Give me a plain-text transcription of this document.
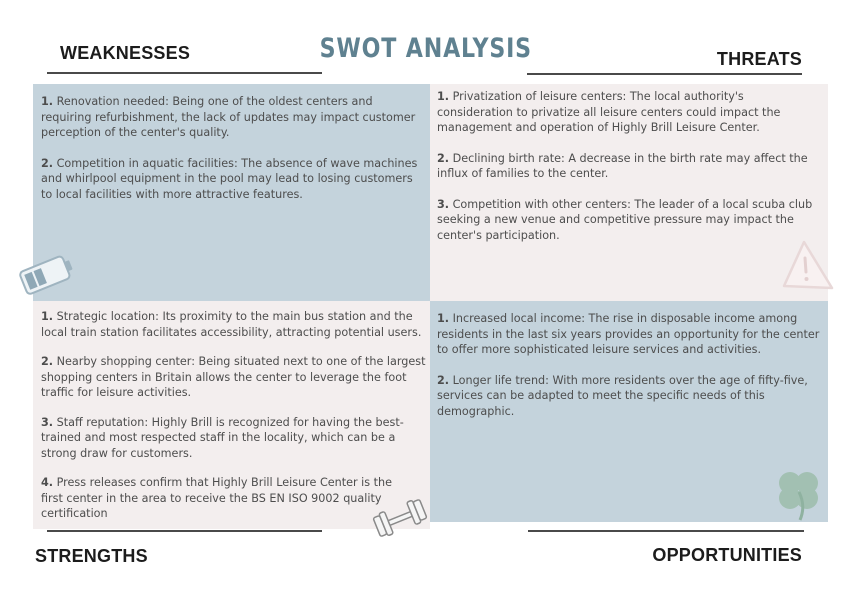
SWOT ANALYSIS
WEAKNESSES	THREATS
STRENGTHS	OPPORTUNITIES

1. Renovation needed: Being one of the oldest centers and requiring refurbishment, the lack of updates may impact customer perception of the center's quality.

2. Competition in aquatic facilities: The absence of wave machines and whirlpool equipment in the pool may lead to losing customers to local facilities with more attractive features.

1. Privatization of leisure centers: The local authority's consideration to privatize all leisure centers could impact the management and operation of Highly Brill Leisure Center.

2. Declining birth rate: A decrease in the birth rate may affect the influx of families to the center.

3. Competition with other centers: The leader of a local scuba club seeking a new venue and competitive pressure may impact the center's participation.

1. Strategic location: Its proximity to the main bus station and the local train station facilitates accessibility, attracting potential users.

2. Nearby shopping center: Being situated next to one of the largest shopping centers in Britain allows the center to leverage the foot traffic for leisure activities.

3. Staff reputation: Highly Brill is recognized for having the best-trained and most respected staff in the locality, which can be a strong draw for customers.

4. Press releases confirm that Highly Brill Leisure Center is the first center in the area to receive the BS EN ISO 9002 quality certification

1. Increased local income: The rise in disposable income among residents in the last six years provides an opportunity for the center to offer more sophisticated leisure services and activities.

2. Longer life trend: With more residents over the age of fifty-five, services can be adapted to meet the specific needs of this demographic.
